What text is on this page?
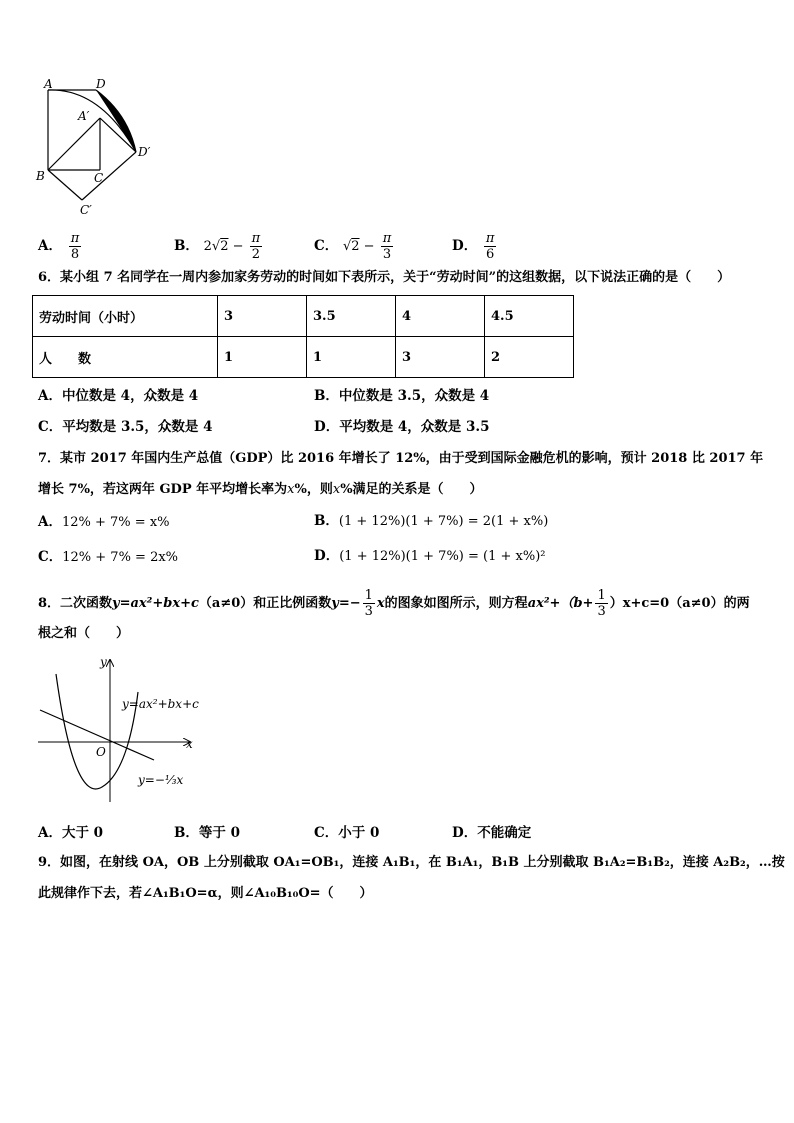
A	D
A′
D′
B	C
C′
A． $\frac{\pi}{8}$	B． $2√2 - \frac{\pi}{2}$	C． $√2 - \frac{\pi}{3}$	D． $\frac{\pi}{6}$
6．某小组 7 名同学在一周内参加家务劳动的时间如下表所示，关于“劳动时间”的这组数据，以下说法正确的是（　　）
劳动时间（小时）	3	3.5	4	4.5
人　　数	1	1	3	2
A．中位数是 4，众数是 4	B．中位数是 3.5，众数是 4
C．平均数是 3.5，众数是 4	D．平均数是 4，众数是 3.5
7．某市 2017 年国内生产总值（GDP）比 2016 年增长了 12%，由于受到国际金融危机的影响，预计 2018 比 2017 年
增长 7%，若这两年 GDP 年平均增长率为x%，则x%满足的关系是（　　）
A．12% + 7% = x%	B．(1 + 12%)(1 + 7%) = 2(1 + x%)
C．12% + 7% = 2x%	D．(1 + 12%)(1 + 7%) = (1 + x%)²
8．二次函数y=ax²+bx+c（a≠0）和正比例函数$y=- \frac{1}{3}$ x的图象如图所示，则方程$ax^2+(b+ \frac{1}{3} )x+c=0(a\ne 0)$的两
根之和（　　）
y
x
O
y=ax²+bx+c
y=−⅓x
A．大于 0	B．等于 0	C．小于 0	D．不能确定
9．如图，在射线 OA，OB 上分别截取 OA₁=OB₁，连接 A₁B₁，在 B₁A₁，B₁B 上分别截取 B₁A₂=B₁B₂，连接 A₂B₂，…按
此规律作下去，若∠A₁B₁O=α，则∠A₁₀B₁₀O=（　　）
